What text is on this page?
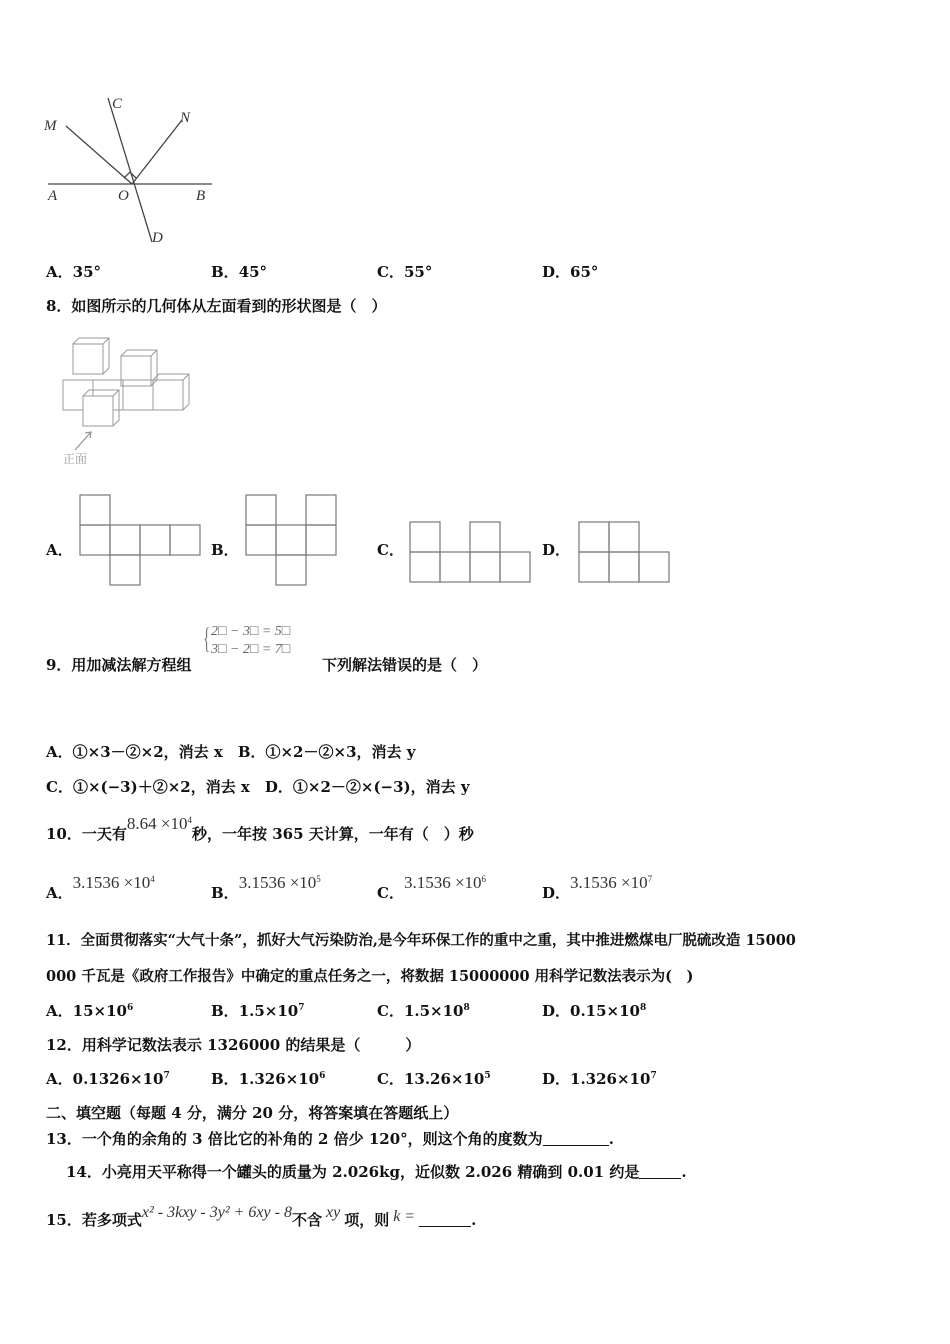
M
C
N
A	O	B
D
A．35°	B．45°	C．55°	D．65°
8．如图所示的几何体从左面看到的形状图是（　）
正面
A．	B．	C．	D．
9．用加减法解方程组
{ 2□ − 3□ = 5□
3□ − 2□ = 7□
下列解法错误的是（　）
A．①×3－②×2，消去 x　B．①×2－②×3，消去 y
C．①×(−3)＋②×2，消去 x　D．①×2－②×(−3)，消去 y
10．一天有$8.64 \times 10^4$秒，一年按 365 天计算，一年有（　）秒
A．$3.1536 \times 10^4$
B．$3.1536 \times 10^5$
C．$3.1536 \times 10^6$
D．$3.1536 \times 10^7$
11．全面贯彻落实“大气十条”，抓好大气污染防治,是今年环保工作的重中之重，其中推进燃煤电厂脱硫改造 15000
000 千瓦是《政府工作报告》中确定的重点任务之一，将数据 15000000 用科学记数法表示为(　)
A．$15\times 10^6$	B．$1.5\times 10^7$	C．$1.5\times 10^8$	D．$0.15\times 10^8$
12．用科学记数法表示 1326000 的结果是（　　　）
A．$0.1326\times 10^7$	B．$1.326\times 10^6$	C．$13.26\times 10^5$	D．$1.326\times 10^7$
二、填空题（每题 4 分，满分 20 分，将答案填在答题纸上）
13．一个角的余角的 3 倍比它的补角的 2 倍少 120°，则这个角的度数为	.
14．小亮用天平称得一个罐头的质量为 2.026kg，近似数 2.026 精确到 0.01 约是	.
15．若多项式x² - 3kxy - 3y² + 6xy - 8不含 xy 项，则 k =	.
